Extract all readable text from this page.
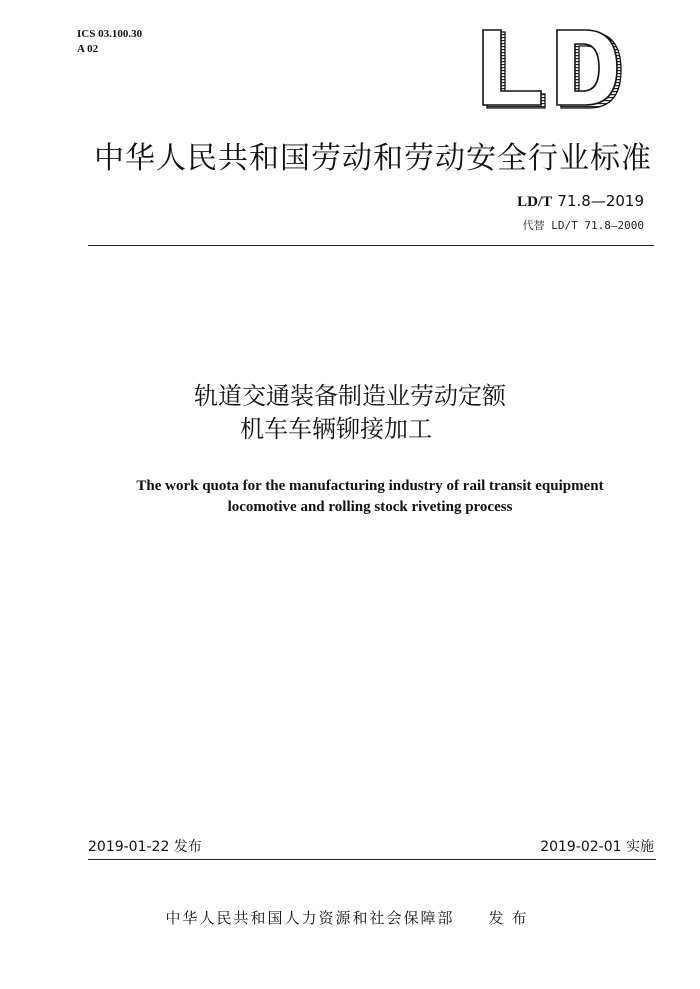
ICS 03.100.30
A 02
中华人民共和国劳动和劳动安全行业标准
LD/T 71.8—2019
代替 LD/T 71.8—2000
轨道交通装备制造业劳动定额
机车车辆铆接加工
The work quota for the manufacturing industry of rail transit equipment
locomotive and rolling stock riveting process
2019-01-22 发布	2019-02-01 实施
中华人民共和国人力资源和社会保障部 发布
